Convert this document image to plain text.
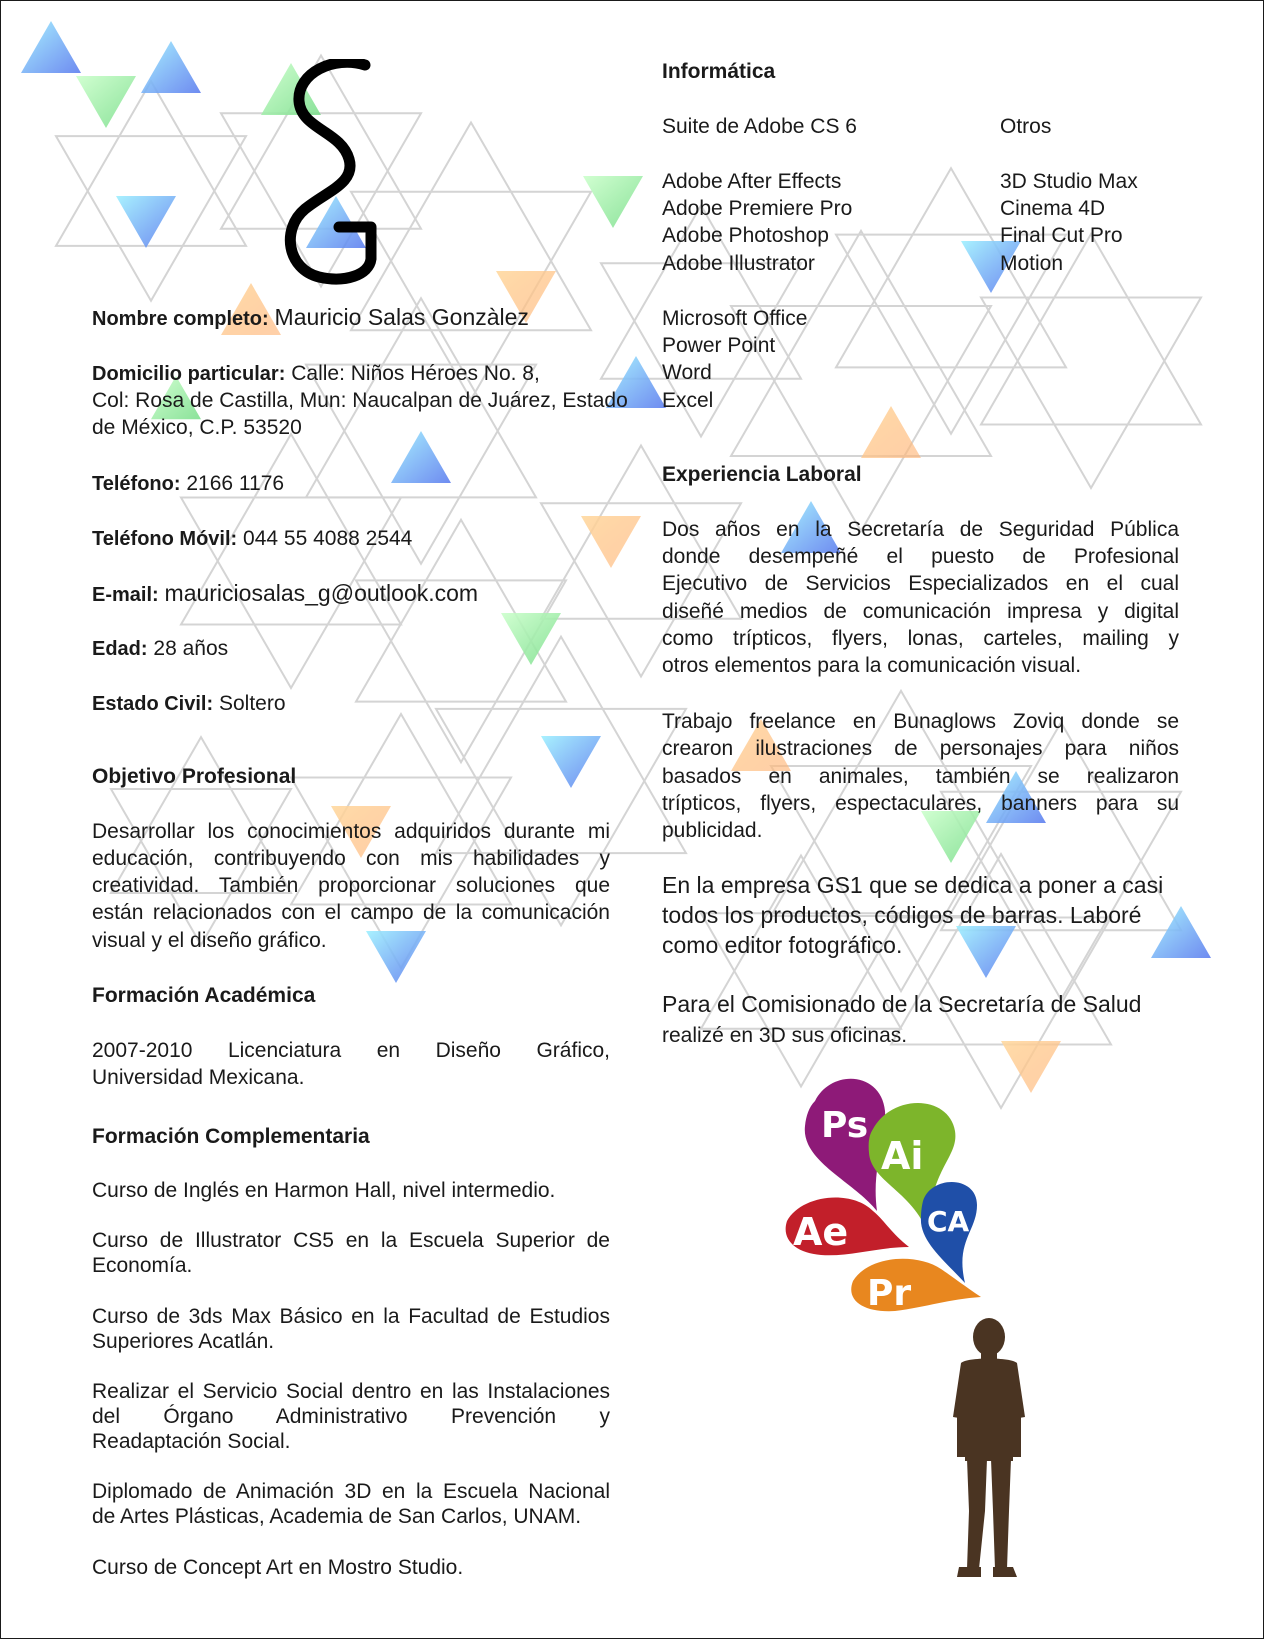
Nombre completo: Mauricio Salas Gonzàlez

Domicilio particular: Calle: Niños Héroes No. 8,

Col: Rosa de Castilla, Mun: Naucalpan de Juárez, Estado

de México, C.P. 53520

Teléfono: 2166 1176

Teléfono Móvil: 044 55 4088 2544

E-mail: mauriciosalas_g@outlook.com

Edad: 28 años

Estado Civil: Soltero

Objetivo Profesional

Desarrollar los conocimientos adquiridos durante mi

educación, contribuyendo con mis habilidades y

creatividad. También proporcionar soluciones que

están relacionados con el campo de la comunicación

visual y el diseño gráfico.

Formación Académica

2007-2010 Licenciatura en Diseño Gráfico,

Universidad Mexicana.

Formación Complementaria

Curso de Inglés en Harmon Hall, nivel intermedio.

Curso de Illustrator CS5 en la Escuela Superior de

Economía.

Curso de 3ds Max Básico en la Facultad de Estudios

Superiores Acatlán.

Realizar el Servicio Social dentro en las Instalaciones

del Órgano Administrativo Prevención y

Readaptación Social.

Diplomado de Animación 3D en la Escuela Nacional

de Artes Plásticas, Academia de San Carlos, UNAM.

Curso de Concept Art en Mostro Studio.

Informática

Suite de Adobe CS 6

Adobe After Effects

Adobe Premiere Pro

Adobe Photoshop

Adobe Illustrator

Microsoft Office

Power Point

Word

Excel

Otros

3D Studio Max

Cinema 4D

Final Cut Pro

Motion

Experiencia Laboral

Dos años en la Secretaría de Seguridad Pública

donde desempeñé el puesto de Profesional

Ejecutivo de Servicios Especializados en el cual

diseñé medios de comunicación impresa y digital

como trípticos, flyers, lonas, carteles, mailing y

otros elementos para la comunicación visual.

Trabajo freelance en Bunaglows Zoviq donde se

crearon ilustraciones de personajes para niños

basados en animales, también se realizaron

trípticos, flyers, espectaculares, banners para su

publicidad.

En la empresa GS1 que se dedica a poner a casi

todos los productos, códigos de barras. Laboré

como editor fotográfico.

Para el Comisionado de la Secretaría de Salud

realizé en 3D sus oficinas.

Ps
Ai
CA
Ae
Pr
